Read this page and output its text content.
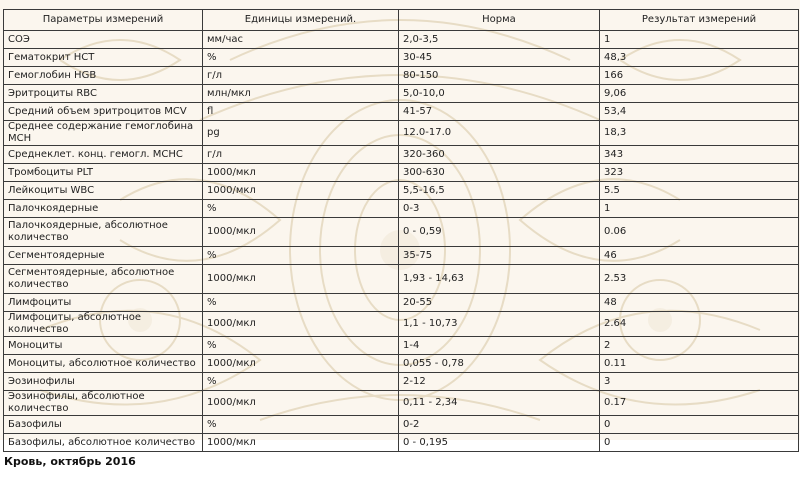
Параметры измерений	Единицы измерений.	Норма	Результат измерений
СОЭ	мм/час	2,0-3,5	1
Гематокрит HCT	%	30-45	48,3
Гемоглобин HGB	г/л	80-150	166
Эритроциты RBC	млн/мкл	5,0-10,0	9,06
Средний объем эритроцитов MCV	fl	41-57	53,4
Среднее содержание гемоглобина MCH	pg	12.0-17.0	18,3
Среднеклет. конц. гемогл. MCHC	г/л	320-360	343
Тромбоциты PLT	1000/мкл	300-630	323
Лейкоциты WBC	1000/мкл	5,5-16,5	5.5
Палочкоядерные	%	0-3	1
Палочкоядерные, абсолютное количество	1000/мкл	0 - 0,59	0.06
Сегментоядерные	%	35-75	46
Сегментоядерные, абсолютное количество	1000/мкл	1,93 - 14,63	2.53
Лимфоциты	%	20-55	48
Лимфоциты, абсолютное количество	1000/мкл	1,1 - 10,73	2.64
Моноциты	%	1-4	2
Моноциты, абсолютное количество	1000/мкл	0,055 - 0,78	0.11
Эозинофилы	%	2-12	3
Эозинофилы, абсолютное количество	1000/мкл	0,11 - 2,34	0.17
Базофилы	%	0-2	0
Базофилы, абсолютное количество	1000/мкл	0 - 0,195	0
Кровь, октябрь 2016
